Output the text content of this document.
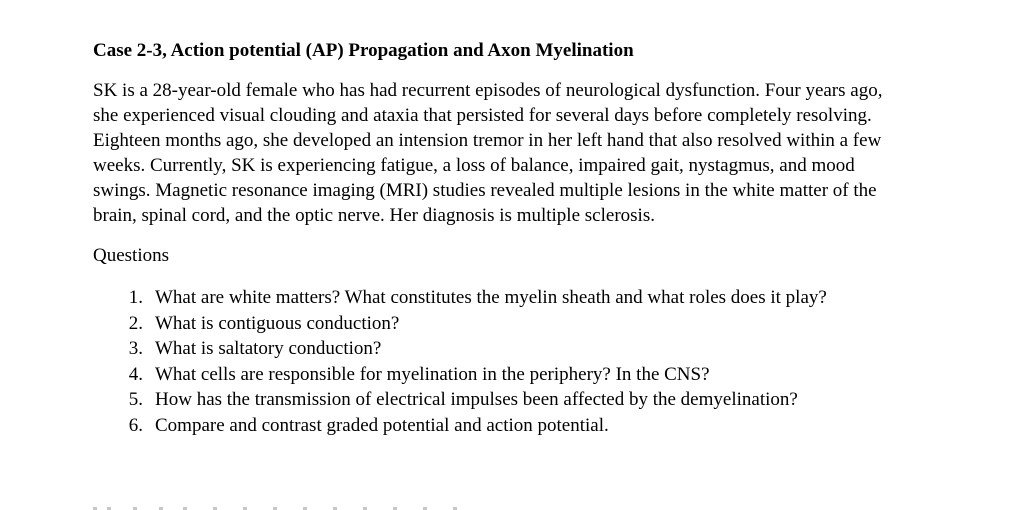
Case 2-3, Action potential (AP) Propagation and Axon Myelination

SK is a 28-year-old female who has had recurrent episodes of neurological dysfunction. Four years ago, she experienced visual clouding and ataxia that persisted for several days before completely resolving. Eighteen months ago, she developed an intension tremor in her left hand that also resolved within a few weeks. Currently, SK is experiencing fatigue, a loss of balance, impaired gait, nystagmus, and mood swings. Magnetic resonance imaging (MRI) studies revealed multiple lesions in the white matter of the brain, spinal cord, and the optic nerve. Her diagnosis is multiple sclerosis.

Questions

1. What are white matters? What constitutes the myelin sheath and what roles does it play?
2. What is contiguous conduction?
3. What is saltatory conduction?
4. What cells are responsible for myelination in the periphery? In the CNS?
5. How has the transmission of electrical impulses been affected by the demyelination?
6. Compare and contrast graded potential and action potential.
